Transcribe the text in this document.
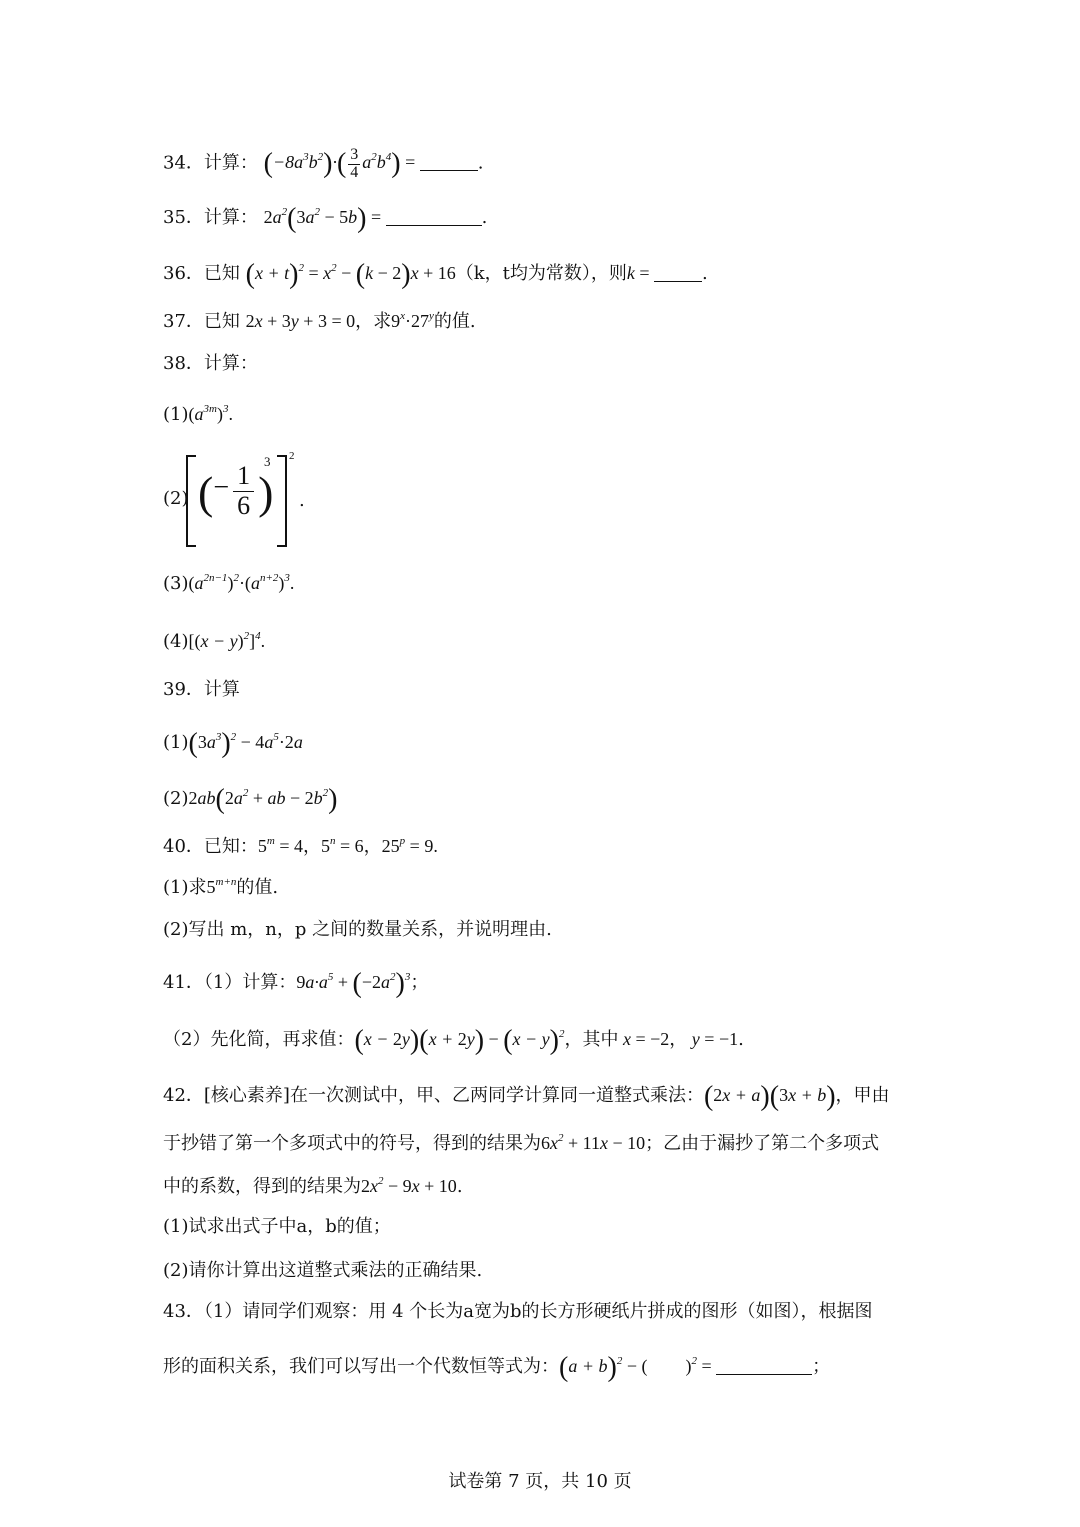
34．计算： $(-8a^3b^2)\cdot( \frac{3}{4} a^2b^4)$ =	.
35．计算： $2a^2(3a^2 - 5b)$ =	.
36．已知 $(x + t)^2 = x^2 - (k - 2)x + 16(k$，t均为常数），则k =	.
37．已知 2x + 3y + 3 = 0，求$9^x\cdot 27^y$的值.
38．计算：
$(1)(a^{3m})^3$.
(2) (− $\frac{1}{6}$ )
3 2
.
$(3)(a^{2n-1})^2\cdot(a^{n+2})^3$.
$(4)[(x - y)^2]^4$.
39．计算
$(1)(3a^3)^2 - 4a^5\cdot 2a$
$(2)2ab(2a^2$ + ab − $2b^2$)
40．已知：$5^m = 4$，$5^n = 6$，$25^p = 9$.
(1)求$5^{m+n}$的值.
(2)写出 m，n，p 之间的数量关系，并说明理由.
41．（1）计算：$9a\cdot a^5 + (-2a^2)^3$；
（2）先化简，再求值：$(x - 2y)(x + 2y) - (x - y)^2$，其中 x = −2， y = −1.
42．[核心素养]在一次测试中，甲、乙两同学计算同一道整式乘法：(2x + a)(3x + b)，甲由
于抄错了第一个多项式中的符号，得到的结果为$6x^2 + 11x - 10$；乙由于漏抄了第二个多项式
中的系数，得到的结果为$2x^2 - 9x + 10$.
(1)试求出式子中a，b的值；
(2)请你计算出这道整式乘法的正确结果.
43．（1）请同学们观察：用 4 个长为a宽为b的长方形硬纸片拼成的图形（如图），根据图
形的面积关系，我们可以写出一个代数恒等式为：$(a + b)^2$ − ( )$^2$ =	；
试卷第 7 页，共 10 页
